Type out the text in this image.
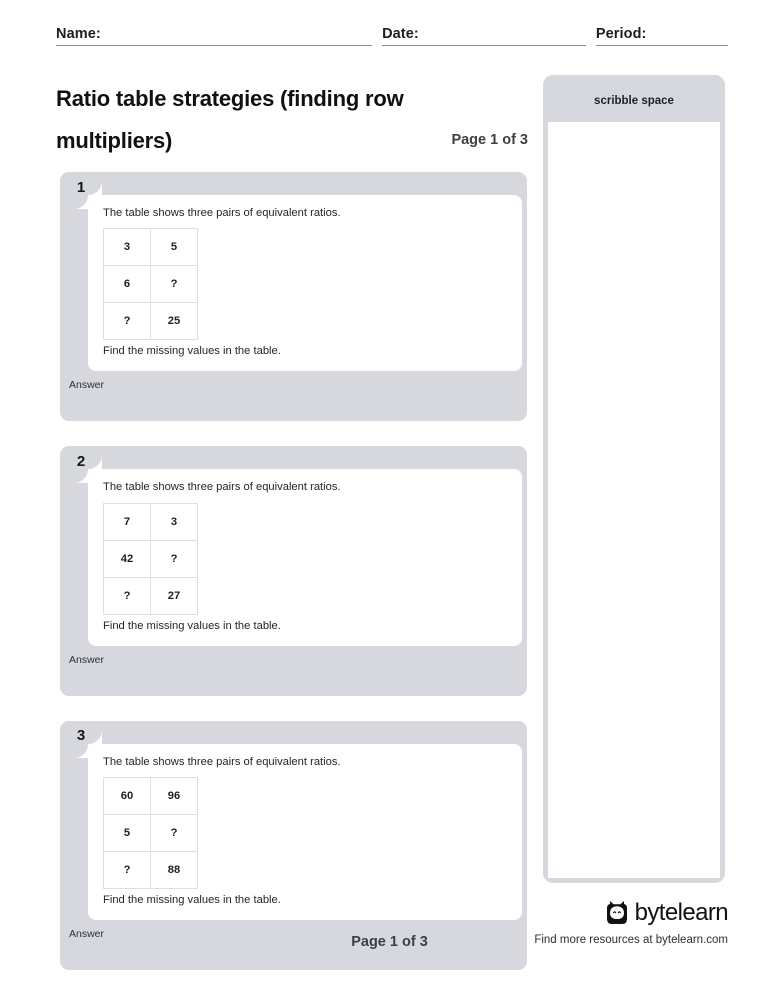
Name:	Date:	Period:
Ratio table strategies (finding row multipliers)	Page 1 of 3
1

The table shows three pairs of equivalent ratios.

3	5
6	?
?	25

Find the missing values in the table.

Answer
2

The table shows three pairs of equivalent ratios.

7	3
42	?
?	27

Find the missing values in the table.

Answer
3

The table shows three pairs of equivalent ratios.

60	96
5	?
?	88

Find the missing values in the table.

Answer
scribble space
Page 1 of 3
bytelearn
Find more resources at bytelearn.com
